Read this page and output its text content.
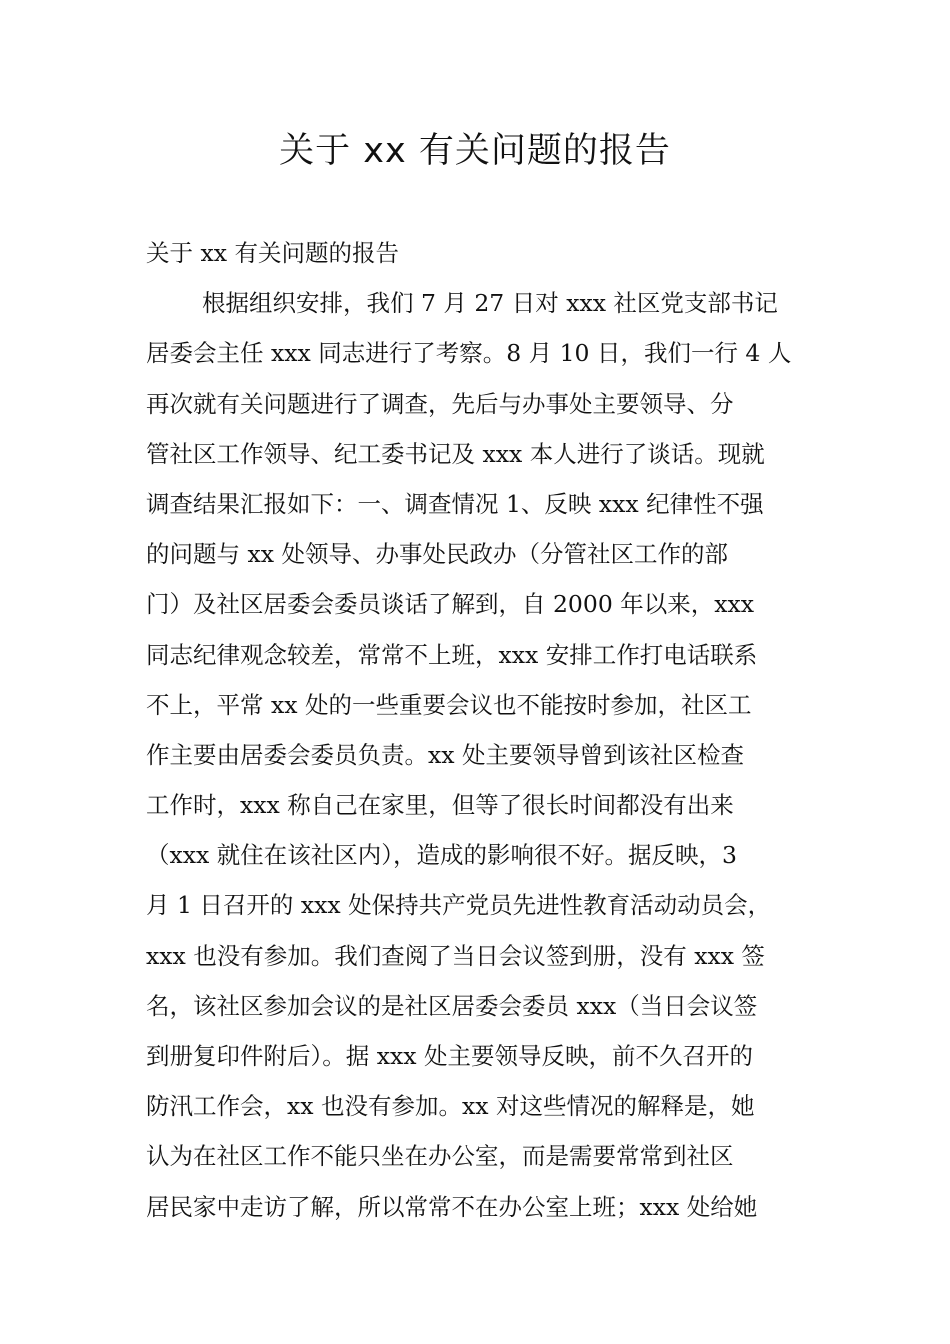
关于 xx 有关问题的报告
关于 xx 有关问题的报告
根据组织安排，我们 7 月 27 日对 xxx 社区党支部书记
居委会主任 xxx 同志进行了考察。8 月 10 日，我们一行 4 人
再次就有关问题进行了调查，先后与办事处主要领导、分
管社区工作领导、纪工委书记及 xxx 本人进行了谈话。现就
调查结果汇报如下：一、调查情况 1、反映 xxx 纪律性不强
的问题与 xx 处领导、办事处民政办（分管社区工作的部
门）及社区居委会委员谈话了解到，自 2000 年以来，xxx
同志纪律观念较差，常常不上班，xxx 安排工作打电话联系
不上，平常 xx 处的一些重要会议也不能按时参加，社区工
作主要由居委会委员负责。xx 处主要领导曾到该社区检查
工作时，xxx 称自己在家里，但等了很长时间都没有出来
（xxx 就住在该社区内），造成的影响很不好。据反映，3
月 1 日召开的 xxx 处保持共产党员先进性教育活动动员会，
xxx 也没有参加。我们查阅了当日会议签到册，没有 xxx 签
名，该社区参加会议的是社区居委会委员 xxx（当日会议签
到册复印件附后）。据 xxx 处主要领导反映，前不久召开的
防汛工作会，xx 也没有参加。xx 对这些情况的解释是，她
认为在社区工作不能只坐在办公室，而是需要常常到社区
居民家中走访了解，所以常常不在办公室上班；xxx 处给她
